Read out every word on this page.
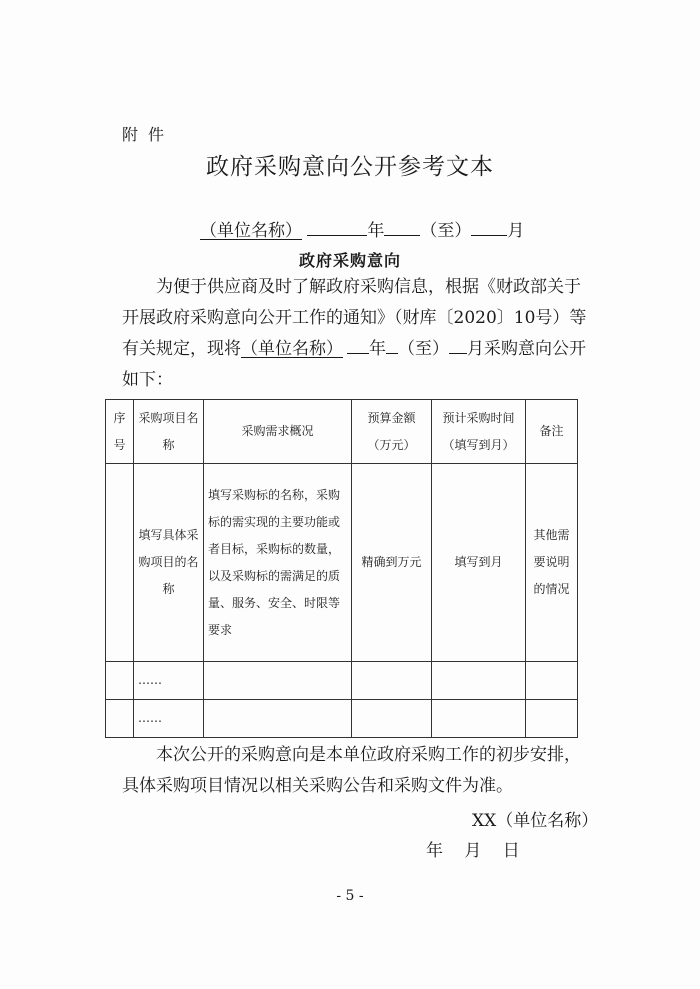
附件
政府采购意向公开参考文本
（单位名称）	年 （至） 月
政府采购意向
为便于供应商及时了解政府采购信息，根据《财政部关于
开展政府采购意向公开工作的通知》（财库〔2020〕10号）等
有关规定，现将（单位名称） 年 （至） 月采购意向公开
如下：
序号	采购项目名称	采购需求概况	预算金额（万元）	预计采购时间（填写到月）	备注
	填写具体采购项目的名称	填写采购标的名称，采购标的需实现的主要功能或者目标，采购标的数量，以及采购标的需满足的质量、服务、安全、时限等要求	精确到万元	填写到月	其他需要说明的情况
	……				
	……				
本次公开的采购意向是本单位政府采购工作的初步安排，
具体采购项目情况以相关采购公告和采购文件为准。
XX（单位名称）
年 月 日
- 5 -
